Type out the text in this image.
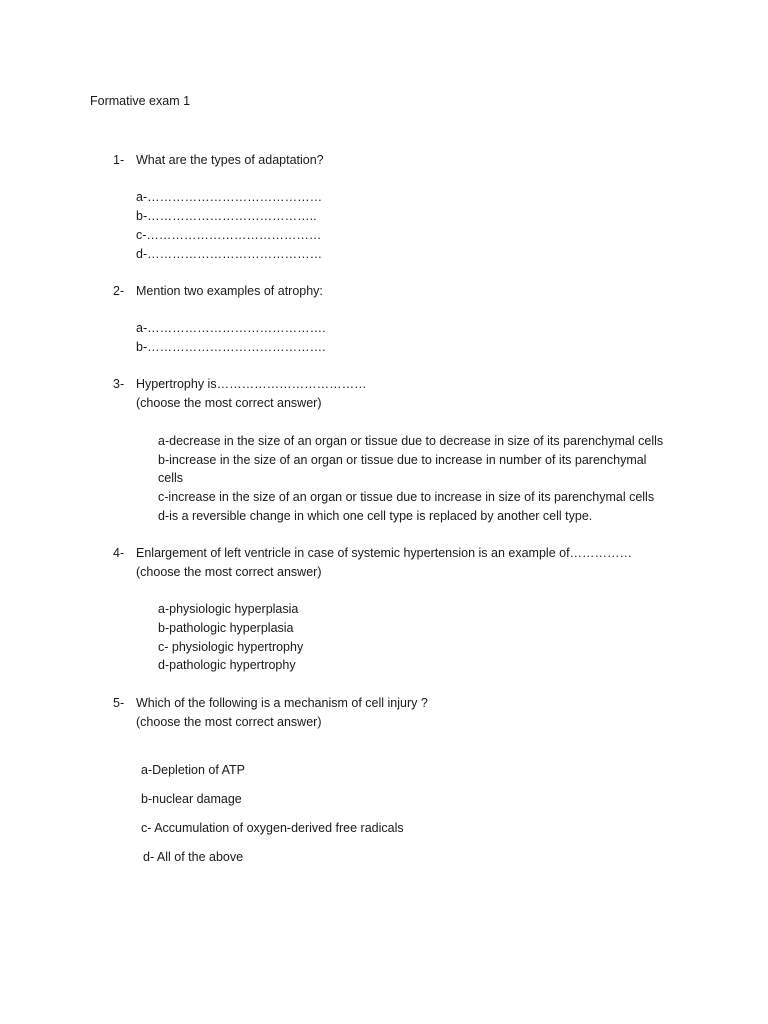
Formative exam 1
1- What are the types of adaptation?
a-……………………………………
b-…………………………………..
c-……………………………………
d-……………………………………
2- Mention two examples of atrophy:
a-…………………………………….
b-…………………………………….
3- Hypertrophy is………………………………
(choose the most correct answer)
a-decrease in the size of an organ or tissue due to decrease in size of its parenchymal cells
b-increase in the size of an organ or tissue due to increase in number of its parenchymal
cells
c-increase in the size of an organ or tissue due to increase in size of its parenchymal cells
d-is a reversible change in which one cell type is replaced by another cell type.
4- Enlargement of left ventricle in case of systemic hypertension is an example of……………
(choose the most correct answer)
a-physiologic hyperplasia
b-pathologic hyperplasia
c- physiologic hypertrophy
d-pathologic hypertrophy
5- Which of the following is a mechanism of cell injury ?
(choose the most correct answer)
a-Depletion of ATP
b-nuclear damage
c- Accumulation of oxygen-derived free radicals
d- All of the above
